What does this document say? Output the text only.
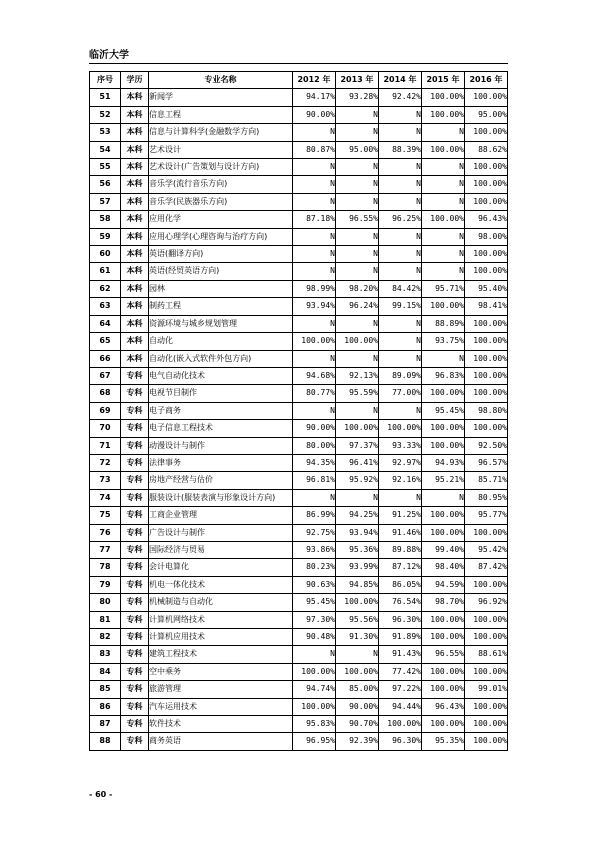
临沂大学
序号	学历	专业名称	2012 年	2013 年	2014 年	2015 年	2016 年
51	本科	新闻学	94.17%	93.28%	92.42%	100.00%	100.00%
52	本科	信息工程	90.00%	N	N	100.00%	95.00%
53	本科	信息与计算科学(金融数学方向)	N	N	N	N	100.00%
54	本科	艺术设计	80.87%	95.00%	88.39%	100.00%	88.62%
55	本科	艺术设计(广告策划与设计方向)	N	N	N	N	100.00%
56	本科	音乐学(流行音乐方向)	N	N	N	N	100.00%
57	本科	音乐学(民族器乐方向)	N	N	N	N	100.00%
58	本科	应用化学	87.18%	96.55%	96.25%	100.00%	96.43%
59	本科	应用心理学(心理咨询与治疗方向)	N	N	N	N	98.00%
60	本科	英语(翻译方向)	N	N	N	N	100.00%
61	本科	英语(经贸英语方向)	N	N	N	N	100.00%
62	本科	园林	98.99%	98.20%	84.42%	95.71%	95.40%
63	本科	制药工程	93.94%	96.24%	99.15%	100.00%	98.41%
64	本科	资源环境与城乡规划管理	N	N	N	88.89%	100.00%
65	本科	自动化	100.00%	100.00%	N	93.75%	100.00%
66	本科	自动化(嵌入式软件外包方向)	N	N	N	N	100.00%
67	专科	电气自动化技术	94.68%	92.13%	89.09%	96.83%	100.00%
68	专科	电视节目制作	80.77%	95.59%	77.00%	100.00%	100.00%
69	专科	电子商务	N	N	N	95.45%	98.80%
70	专科	电子信息工程技术	90.00%	100.00%	100.00%	100.00%	100.00%
71	专科	动漫设计与制作	80.00%	97.37%	93.33%	100.00%	92.50%
72	专科	法律事务	94.35%	96.41%	92.97%	94.93%	96.57%
73	专科	房地产经营与估价	96.81%	95.92%	92.16%	95.21%	85.71%
74	专科	服装设计(服装表演与形象设计方向)	N	N	N	N	80.95%
75	专科	工商企业管理	86.99%	94.25%	91.25%	100.00%	95.77%
76	专科	广告设计与制作	92.75%	93.94%	91.46%	100.00%	100.00%
77	专科	国际经济与贸易	93.86%	95.36%	89.88%	99.40%	95.42%
78	专科	会计电算化	80.23%	93.99%	87.12%	98.40%	87.42%
79	专科	机电一体化技术	90.63%	94.85%	86.05%	94.59%	100.00%
80	专科	机械制造与自动化	95.45%	100.00%	76.54%	98.70%	96.92%
81	专科	计算机网络技术	97.30%	95.56%	96.30%	100.00%	100.00%
82	专科	计算机应用技术	90.48%	91.30%	91.89%	100.00%	100.00%
83	专科	建筑工程技术	N	N	91.43%	96.55%	88.61%
84	专科	空中乘务	100.00%	100.00%	77.42%	100.00%	100.00%
85	专科	旅游管理	94.74%	85.00%	97.22%	100.00%	99.01%
86	专科	汽车运用技术	100.00%	90.00%	94.44%	96.43%	100.00%
87	专科	软件技术	95.83%	90.70%	100.00%	100.00%	100.00%
88	专科	商务英语	96.95%	92.39%	96.30%	95.35%	100.00%
- 60 -
